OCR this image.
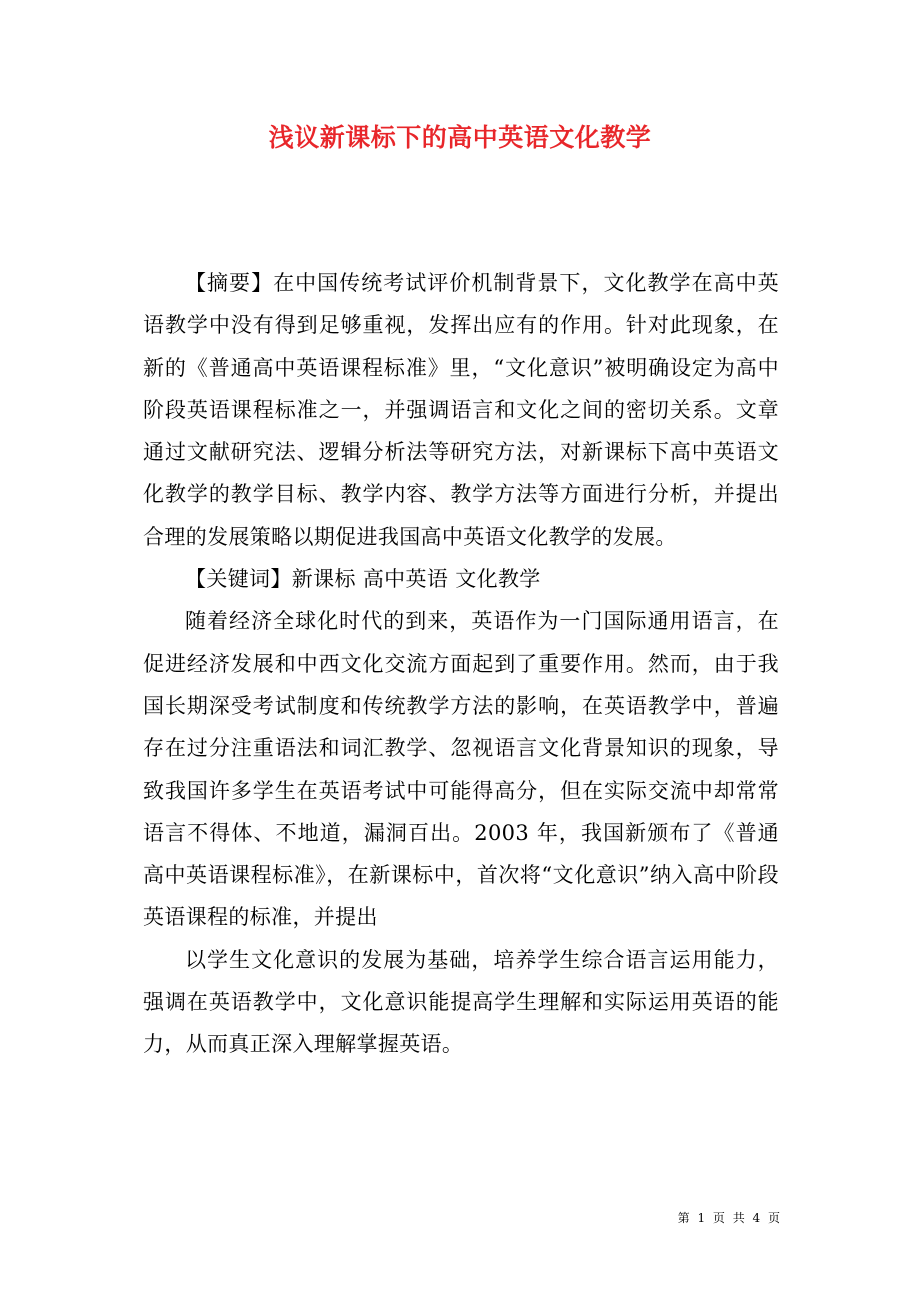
浅议新课标下的高中英语文化教学

【摘要】在中国传统考试评价机制背景下，文化教学在高中英语教学中没有得到足够重视，发挥出应有的作用。针对此现象，在新的《普通高中英语课程标准》里，“文化意识”被明确设定为高中阶段英语课程标准之一，并强调语言和文化之间的密切关系。文章通过文献研究法、逻辑分析法等研究方法，对新课标下高中英语文化教学的教学目标、教学内容、教学方法等方面进行分析，并提出合理的发展策略以期促进我国高中英语文化教学的发展。

【关键词】新课标 高中英语 文化教学

随着经济全球化时代的到来，英语作为一门国际通用语言，在促进经济发展和中西文化交流方面起到了重要作用。然而，由于我国长期深受考试制度和传统教学方法的影响，在英语教学中，普遍存在过分注重语法和词汇教学、忽视语言文化背景知识的现象，导致我国许多学生在英语考试中可能得高分，但在实际交流中却常常语言不得体、不地道，漏洞百出。2003 年，我国新颁布了《普通高中英语课程标准》，在新课标中，首次将“文化意识”纳入高中阶段英语课程的标准，并提出

以学生文化意识的发展为基础，培养学生综合语言运用能力，强调在英语教学中，文化意识能提高学生理解和实际运用英语的能力，从而真正深入理解掌握英语。

第 1 页 共 4 页
